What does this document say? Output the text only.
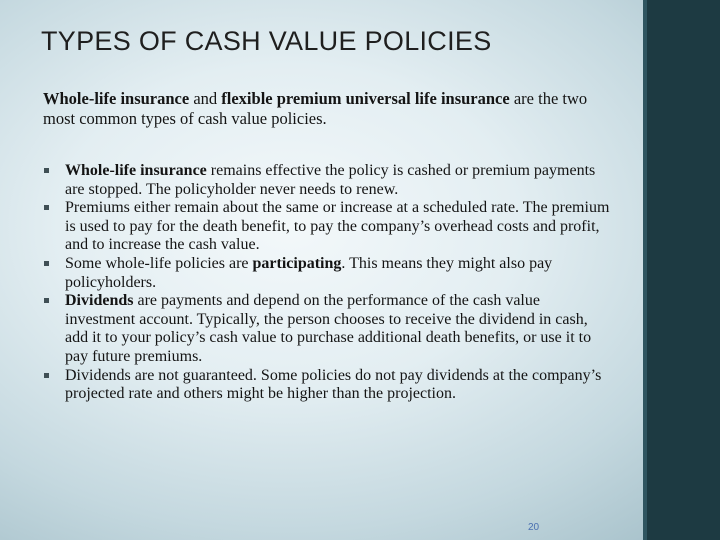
TYPES OF CASH VALUE POLICIES
Whole-life insurance and flexible premium universal life insurance are the two most common types of cash value policies.
Whole-life insurance remains effective the policy is cashed or premium payments are stopped. The policyholder never needs to renew.
Premiums either remain about the same or increase at a scheduled rate. The premium is used to pay for the death benefit, to pay the company’s overhead costs and profit, and to increase the cash value.
Some whole-life policies are participating. This means they might also pay policyholders.
Dividends are payments and depend on the performance of the cash value investment account. Typically, the person chooses to receive the dividend in cash, add it to your policy’s cash value to purchase additional death benefits, or use it to pay future premiums.
Dividends are not guaranteed. Some policies do not pay dividends at the company’s projected rate and others might be higher than the projection.
20
